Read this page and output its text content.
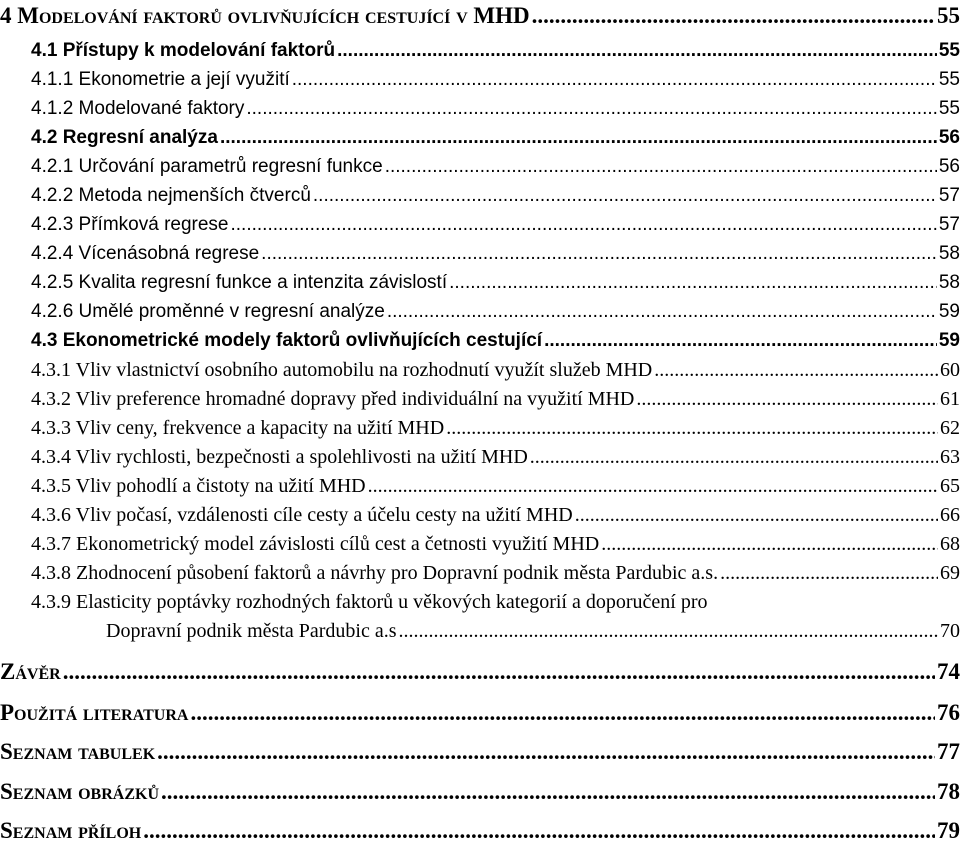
4 Modelování faktorů ovlivňujících cestující v MHD .....	55
4.1 Přístupy k modelování faktorů .....	55
4.1.1 Ekonometrie a její využití .....	55
4.1.2 Modelované faktory .....	55
4.2 Regresní analýza .....	56
4.2.1 Určování parametrů regresní funkce .....	56
4.2.2 Metoda nejmenších čtverců .....	57
4.2.3 Přímková regrese .....	57
4.2.4 Vícenásobná regrese .....	58
4.2.5 Kvalita regresní funkce a intenzita závislostí .....	58
4.2.6 Umělé proměnné v regresní analýze .....	59
4.3 Ekonometrické modely faktorů ovlivňujících cestující .....	59
4.3.1 Vliv vlastnictví osobního automobilu na rozhodnutí využít služeb MHD .....	60
4.3.2 Vliv preference hromadné dopravy před individuální na využití MHD .....	61
4.3.3 Vliv ceny, frekvence a kapacity na užití MHD .....	62
4.3.4 Vliv rychlosti, bezpečnosti a spolehlivosti na užití MHD .....	63
4.3.5 Vliv pohodlí a čistoty na užití MHD .....	65
4.3.6 Vliv počasí, vzdálenosti cíle cesty a účelu cesty na užití MHD .....	66
4.3.7 Ekonometrický model závislosti cílů cest a četnosti využití MHD .....	68
4.3.8 Zhodnocení působení faktorů a návrhy pro Dopravní podnik města Pardubic a.s. .....	69
4.3.9 Elasticity poptávky rozhodných faktorů u věkových kategorií a doporučení pro
Dopravní podnik města Pardubic a.s .....	70
Závěr .....	74
Použitá literatura .....	76
Seznam tabulek .....	77
Seznam obrázků .....	78
Seznam příloh .....	79
